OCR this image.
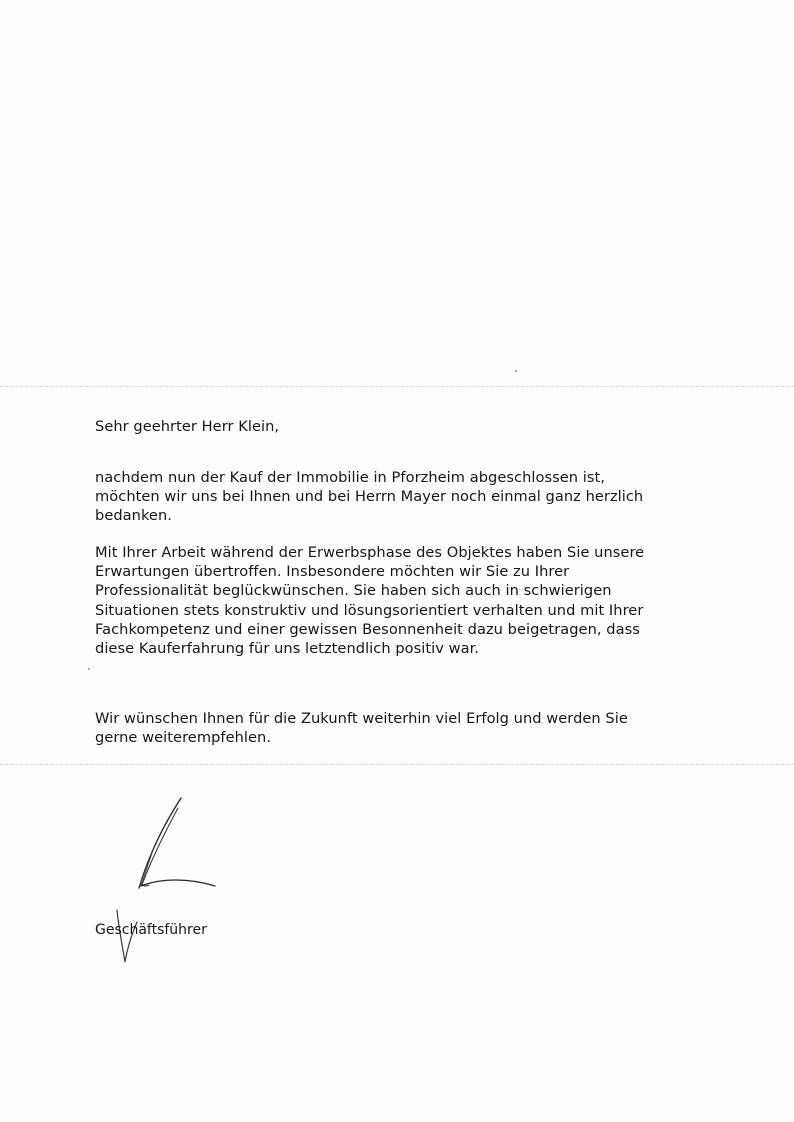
Sehr geehrter Herr Klein,

nachdem nun der Kauf der Immobilie in Pforzheim abgeschlossen ist,
möchten wir uns bei Ihnen und bei Herrn Mayer noch einmal ganz herzlich
bedanken.

Mit Ihrer Arbeit während der Erwerbsphase des Objektes haben Sie unsere
Erwartungen übertroffen. Insbesondere möchten wir Sie zu Ihrer
Professionalität beglückwünschen. Sie haben sich auch in schwierigen
Situationen stets konstruktiv und lösungsorientiert verhalten und mit Ihrer
Fachkompetenz und einer gewissen Besonnenheit dazu beigetragen, dass
diese Kauferfahrung für uns letztendlich positiv war.

Wir wünschen Ihnen für die Zukunft weiterhin viel Erfolg und werden Sie
gerne weiterempfehlen.

Geschäftsführer
